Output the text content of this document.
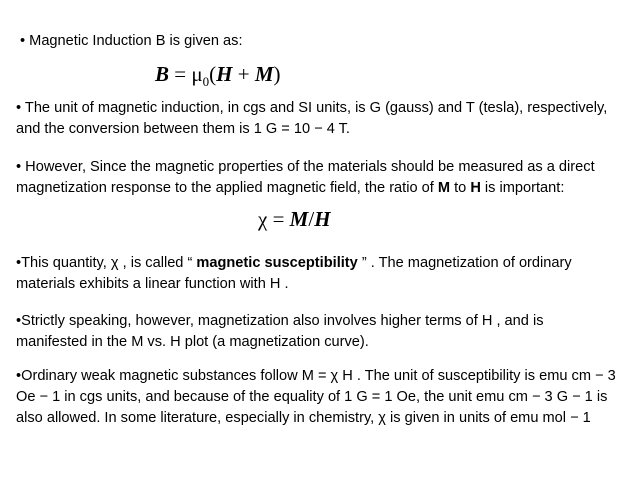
• Magnetic Induction B is given as:

$B = \mu_0(H + M)$

• The unit of magnetic induction, in cgs and SI units, is G (gauss) and T (tesla), respectively,
and the conversion between them is 1 G = 10 − 4 T.

• However, Since the magnetic properties of the materials should be measured as a direct
magnetization response to the applied magnetic field, the ratio of M to H is important:

χ = M/H

•This quantity, χ , is called “ magnetic susceptibility ” . The magnetization of ordinary
materials exhibits a linear function with H .

•Strictly speaking, however, magnetization also involves higher terms of H , and is
manifested in the M vs. H plot (a magnetization curve).

•Ordinary weak magnetic substances follow M = χ H . The unit of susceptibility is emu cm − 3
Oe − 1 in cgs units, and because of the equality of 1 G = 1 Oe, the unit emu cm − 3 G − 1 is
also allowed. In some literature, especially in chemistry, χ is given in units of emu mol − 1
